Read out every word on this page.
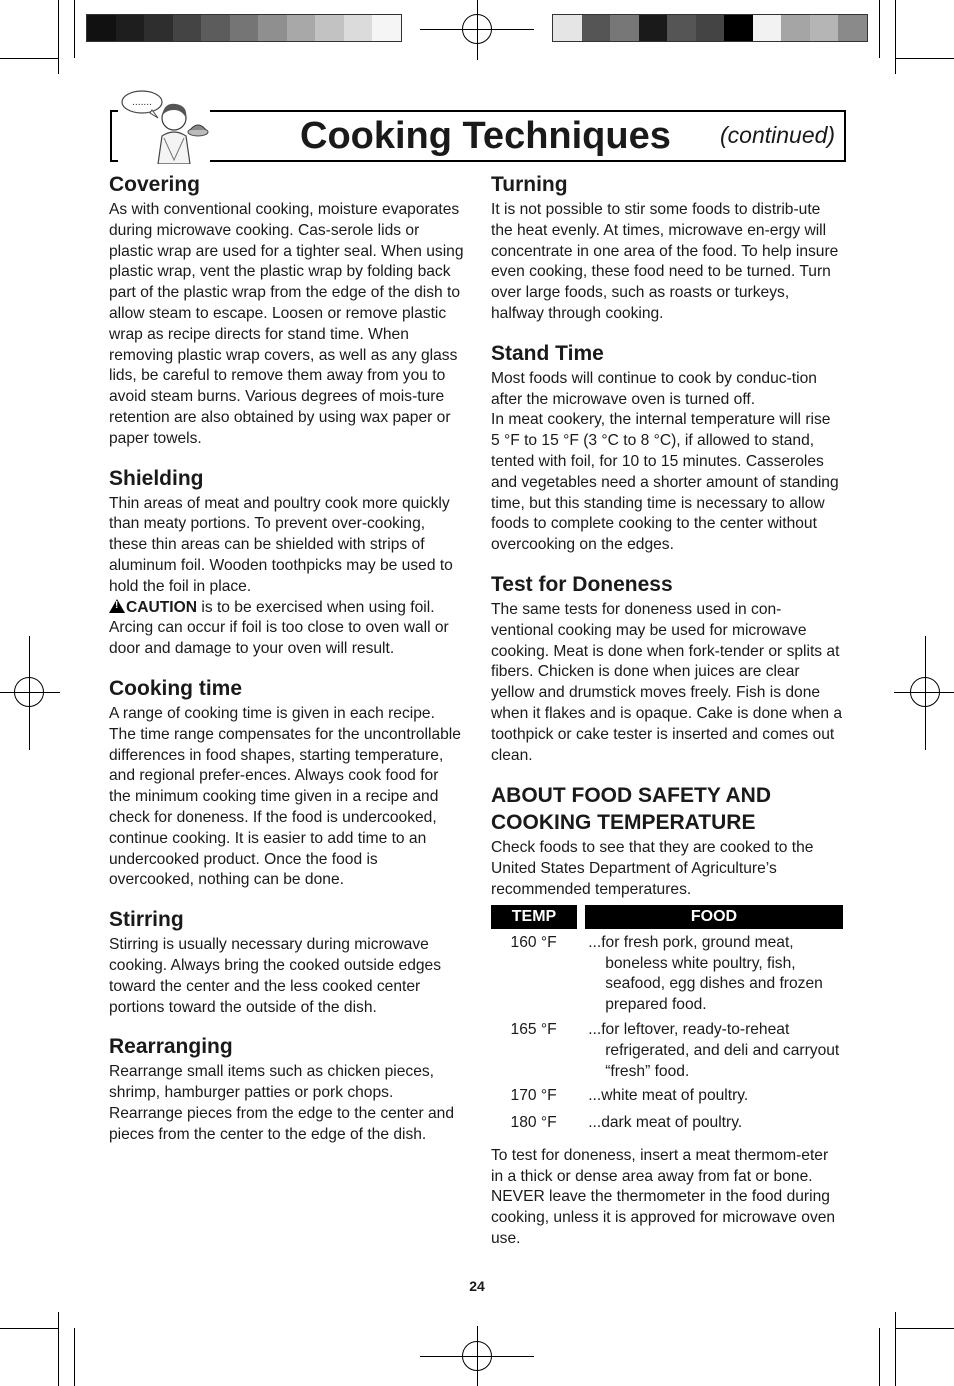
.......
Cooking Techniques (continued)
Covering

As with conventional cooking, moisture evaporates during microwave cooking. Cas-serole lids or plastic wrap are used for a tighter seal. When using plastic wrap, vent the plastic wrap by folding back part of the plastic wrap from the edge of the dish to allow steam to escape. Loosen or remove plastic wrap as recipe directs for stand time. When removing plastic wrap covers, as well as any glass lids, be careful to remove them away from you to avoid steam burns. Various degrees of mois-ture retention are also obtained by using wax paper or paper towels.

Shielding

Thin areas of meat and poultry cook more quickly than meaty portions. To prevent over-cooking, these thin areas can be shielded with strips of aluminum foil. Wooden toothpicks may be used to hold the foil in place.

!CAUTION is to be exercised when using foil. Arcing can occur if foil is too close to oven wall or door and damage to your oven will result.

Cooking time

A range of cooking time is given in each recipe. The time range compensates for the uncontrollable differences in food shapes, starting temperature, and regional prefer-ences. Always cook food for the minimum cooking time given in a recipe and check for doneness. If the food is undercooked, continue cooking. It is easier to add time to an undercooked product. Once the food is overcooked, nothing can be done.

Stirring

Stirring is usually necessary during microwave cooking. Always bring the cooked outside edges toward the center and the less cooked center portions toward the outside of the dish.

Rearranging

Rearrange small items such as chicken pieces, shrimp, hamburger patties or pork chops. Rearrange pieces from the edge to the center and pieces from the center to the edge of the dish.

Turning

It is not possible to stir some foods to distrib-ute the heat evenly. At times, microwave en-ergy will concentrate in one area of the food. To help insure even cooking, these food need to be turned. Turn over large foods, such as roasts or turkeys, halfway through cooking.

Stand Time

Most foods will continue to cook by conduc-tion after the microwave oven is turned off.

In meat cookery, the internal temperature will rise 5 °F to 15 °F (3 °C to 8 °C), if allowed to stand, tented with foil, for 10 to 15 minutes. Casseroles and vegetables need a shorter amount of standing time, but this standing time is necessary to allow foods to complete cooking to the center without overcooking on the edges.

Test for Doneness

The same tests for doneness used in con-ventional cooking may be used for microwave cooking. Meat is done when fork-tender or splits at fibers. Chicken is done when juices are clear yellow and drumstick moves freely. Fish is done when it flakes and is opaque. Cake is done when a toothpick or cake tester is inserted and comes out clean.

ABOUT FOOD SAFETY AND
COOKING TEMPERATURE

Check foods to see that they are cooked to the United States Department of Agriculture’s recommended temperatures.

TEMP	FOOD
160 °F	...for fresh pork, ground meat, boneless white poultry, fish, seafood, egg dishes and frozen prepared food.
165 °F	...for leftover, ready-to-reheat refrigerated, and deli and carryout “fresh” food.
170 °F	...white meat of poultry.
180 °F	...dark meat of poultry.

To test for doneness, insert a meat thermom-eter in a thick or dense area away from fat or bone. NEVER leave the thermometer in the food during cooking, unless it is approved for microwave oven use.

24
